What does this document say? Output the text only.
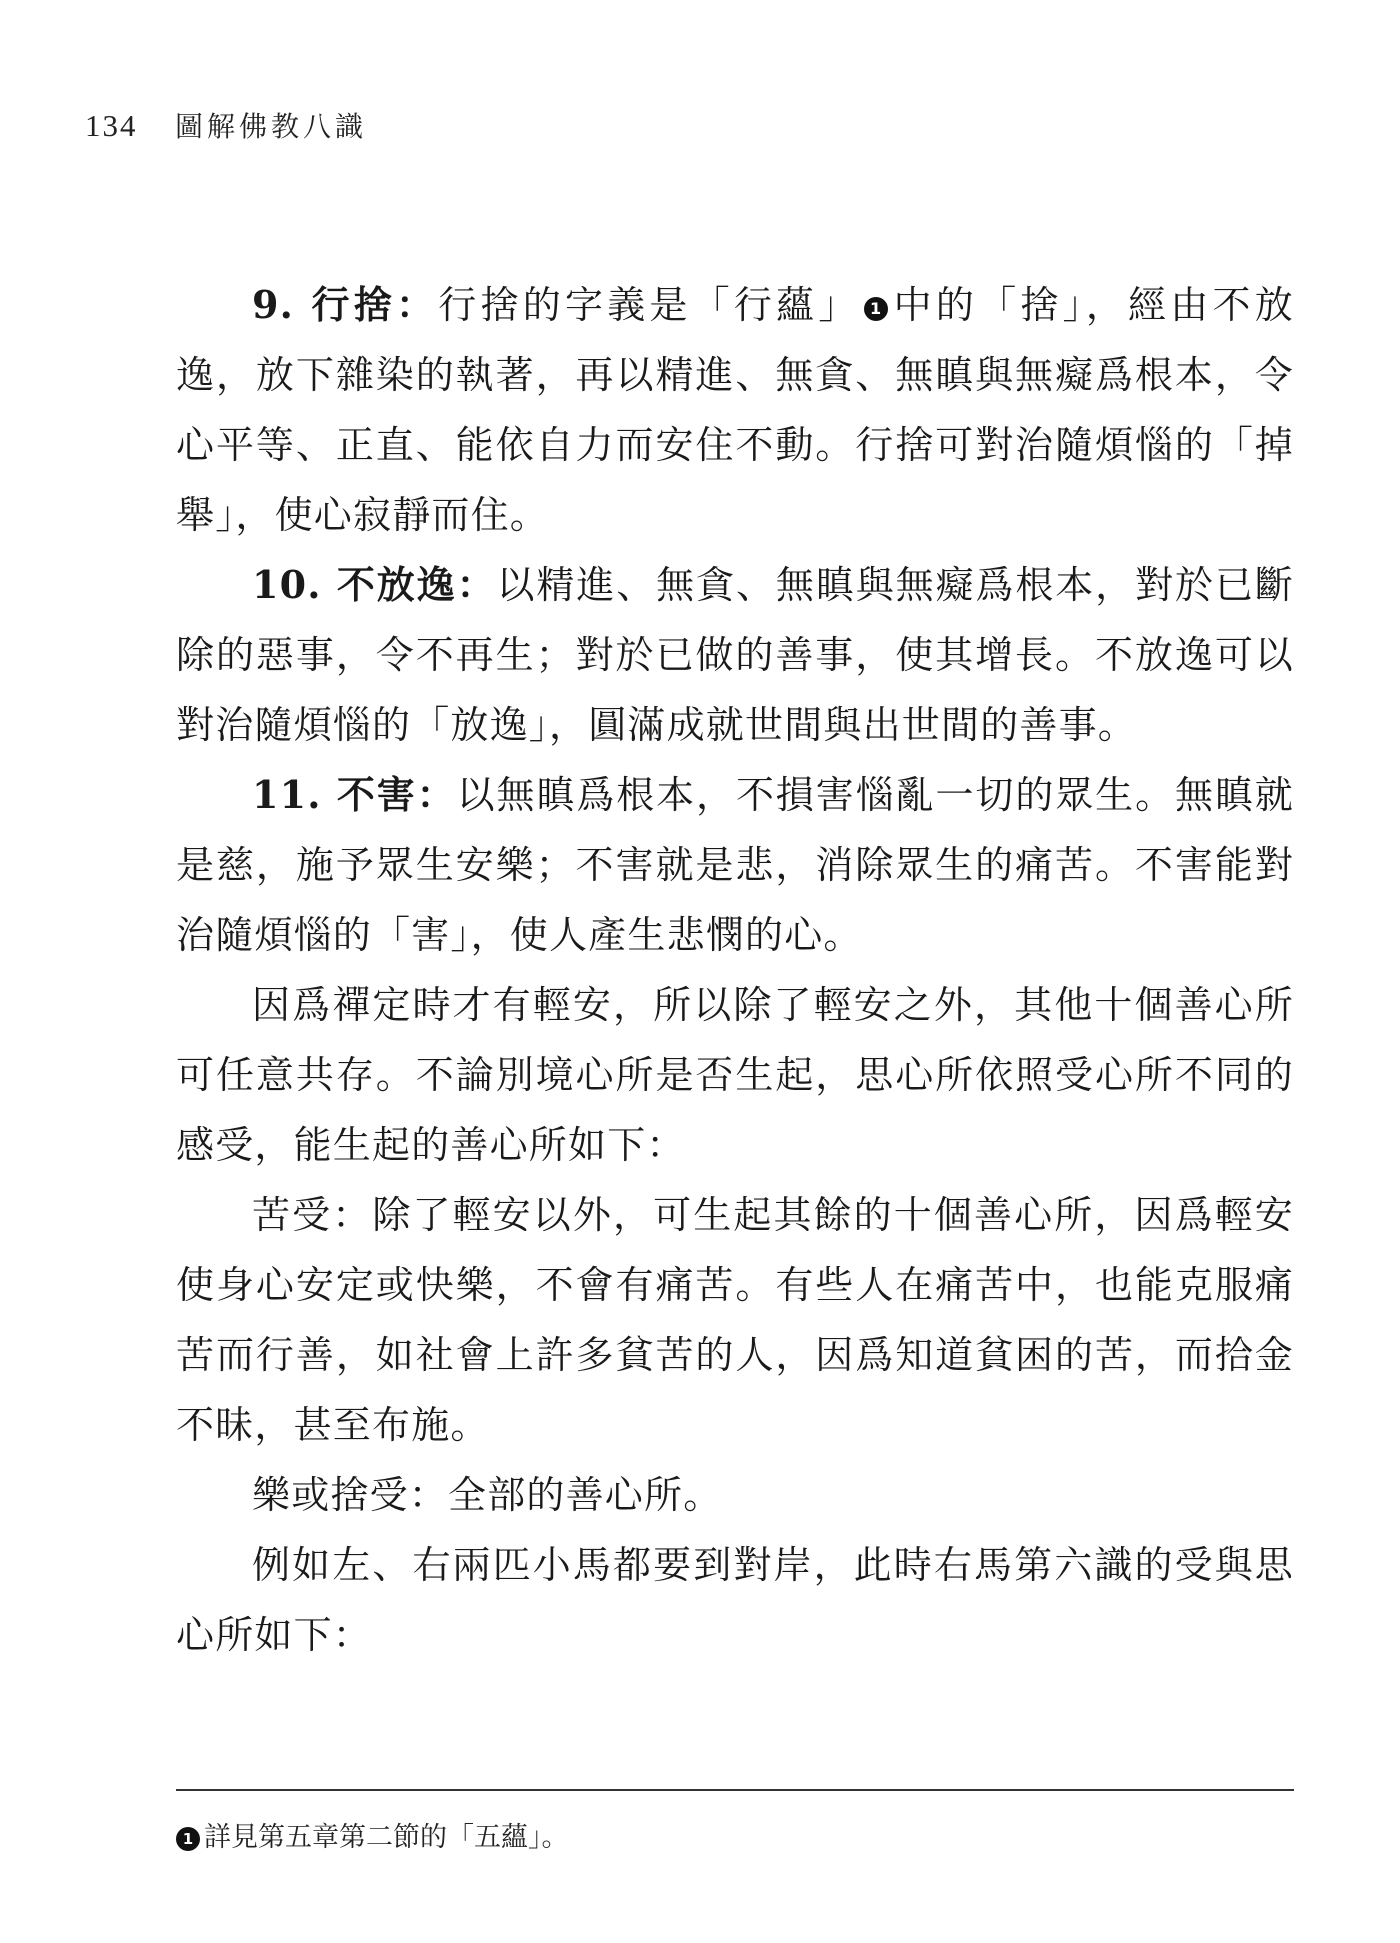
134 圖解佛教八識

9. 行捨：行捨的字義是「行蘊」 1 中的「捨」，經由不放逸，放下雜染的執著，再以精進、無貪、無瞋與無癡爲根本，令心平等、正直、能依自力而安住不動。行捨可對治隨煩惱的「掉舉」，使心寂靜而住。

10. 不放逸：以精進、無貪、無瞋與無癡爲根本，對於已斷除的惡事，令不再生；對於已做的善事，使其增長。不放逸可以對治隨煩惱的「放逸」，圓滿成就世間與出世間的善事。

11. 不害：以無瞋爲根本，不損害惱亂一切的眾生。無瞋就是慈，施予眾生安樂；不害就是悲，消除眾生的痛苦。不害能對治隨煩惱的「害」，使人產生悲憫的心。

因爲禪定時才有輕安，所以除了輕安之外，其他十個善心所可任意共存。不論別境心所是否生起，思心所依照受心所不同的感受，能生起的善心所如下：

苦受：除了輕安以外，可生起其餘的十個善心所，因爲輕安使身心安定或快樂，不會有痛苦。有些人在痛苦中，也能克服痛苦而行善，如社會上許多貧苦的人，因爲知道貧困的苦，而拾金不昧，甚至布施。

樂或捨受：全部的善心所。

例如左、右兩匹小馬都要到對岸，此時右馬第六識的受與思心所如下：

1 詳見第五章第二節的「五蘊」。
